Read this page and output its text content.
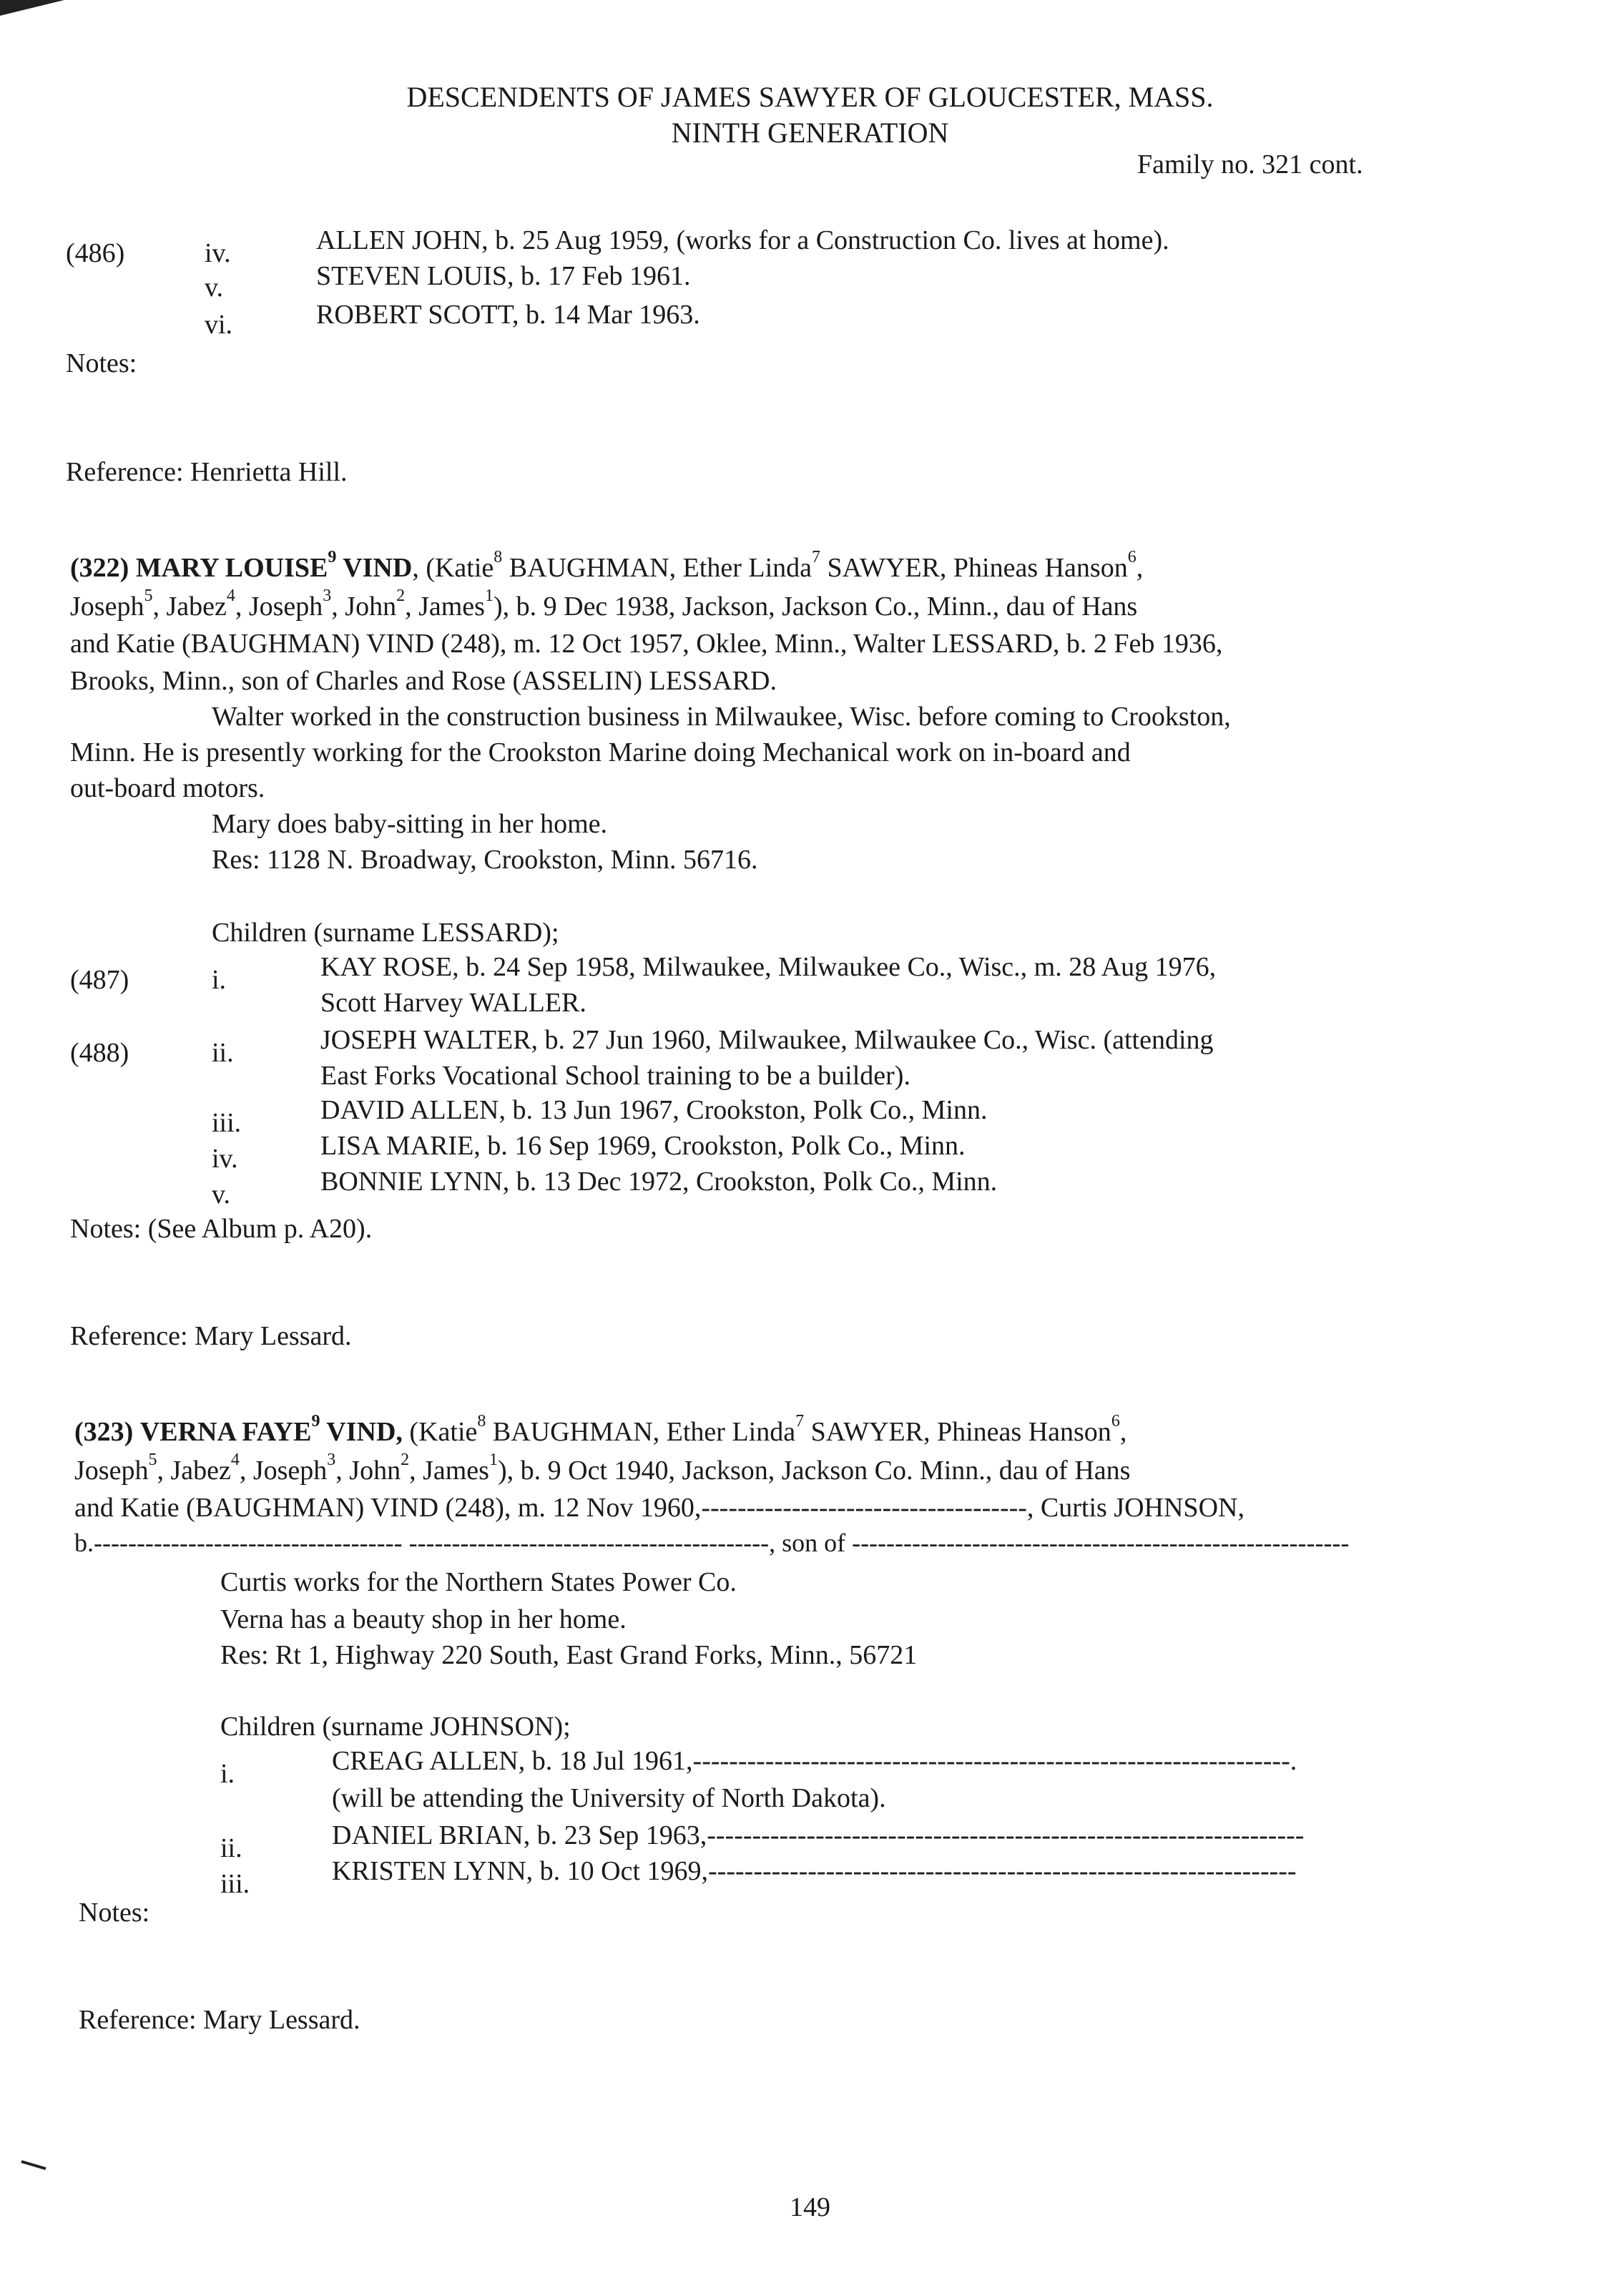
DESCENDENTS OF JAMES SAWYER OF GLOUCESTER, MASS.
NINTH GENERATION
Family no. 321 cont.
(486)	iv.	ALLEN JOHN, b. 25 Aug 1959, (works for a Construction Co. lives at home).
v.	STEVEN LOUIS, b. 17 Feb 1961.
vi.	ROBERT SCOTT, b. 14 Mar 1963.
Notes:
Reference: Henrietta Hill.
(322) MARY LOUISE$^9$ VIND, (Katie$^8$ BAUGHMAN, Ether Linda$^7$ SAWYER, Phineas Hanson$^6$,
Joseph$^5$, Jabez$^4$, Joseph$^3$, John$^2$, James$^1$), b. 9 Dec 1938, Jackson, Jackson Co., Minn., dau of Hans
and Katie (BAUGHMAN) VIND (248), m. 12 Oct 1957, Oklee, Minn., Walter LESSARD, b. 2 Feb 1936,
Brooks, Minn., son of Charles and Rose (ASSELIN) LESSARD.
Walter worked in the construction business in Milwaukee, Wisc. before coming to Crookston,
Minn. He is presently working for the Crookston Marine doing Mechanical work on in-board and
out-board motors.
Mary does baby-sitting in her home.
Res: 1128 N. Broadway, Crookston, Minn. 56716.
Children (surname LESSARD);
(487)	i.	KAY ROSE, b. 24 Sep 1958, Milwaukee, Milwaukee Co., Wisc., m. 28 Aug 1976,
Scott Harvey WALLER.
(488)	ii.	JOSEPH WALTER, b. 27 Jun 1960, Milwaukee, Milwaukee Co., Wisc. (attending
East Forks Vocational School training to be a builder).
iii.	DAVID ALLEN, b. 13 Jun 1967, Crookston, Polk Co., Minn.
iv.	LISA MARIE, b. 16 Sep 1969, Crookston, Polk Co., Minn.
v.	BONNIE LYNN, b. 13 Dec 1972, Crookston, Polk Co., Minn.
Notes: (See Album p. A20).
Reference: Mary Lessard.
(323) VERNA FAYE$^9$ VIND, (Katie$^8$ BAUGHMAN, Ether Linda$^7$ SAWYER, Phineas Hanson$^6$,
Joseph$^5$, Jabez$^4$, Joseph$^3$, John$^2$, James$^1$), b. 9 Oct 1940, Jackson, Jackson Co. Minn., dau of Hans
and Katie (BAUGHMAN) VIND (248), m. 12 Nov 1960,------------------------------------, Curtis JOHNSON,
b.------------------------------------ ------------------------------------------, son of ----------------------------------------------------------
Curtis works for the Northern States Power Co.
Verna has a beauty shop in her home.
Res: Rt 1, Highway 220 South, East Grand Forks, Minn., 56721
Children (surname JOHNSON);
i.	CREAG ALLEN, b. 18 Jul 1961,------------------------------------------------------------------.
(will be attending the University of North Dakota).
ii.	DANIEL BRIAN, b. 23 Sep 1963,------------------------------------------------------------------
iii.	KRISTEN LYNN, b. 10 Oct 1969,-----------------------------------------------------------------
Notes:
Reference: Mary Lessard.
149
